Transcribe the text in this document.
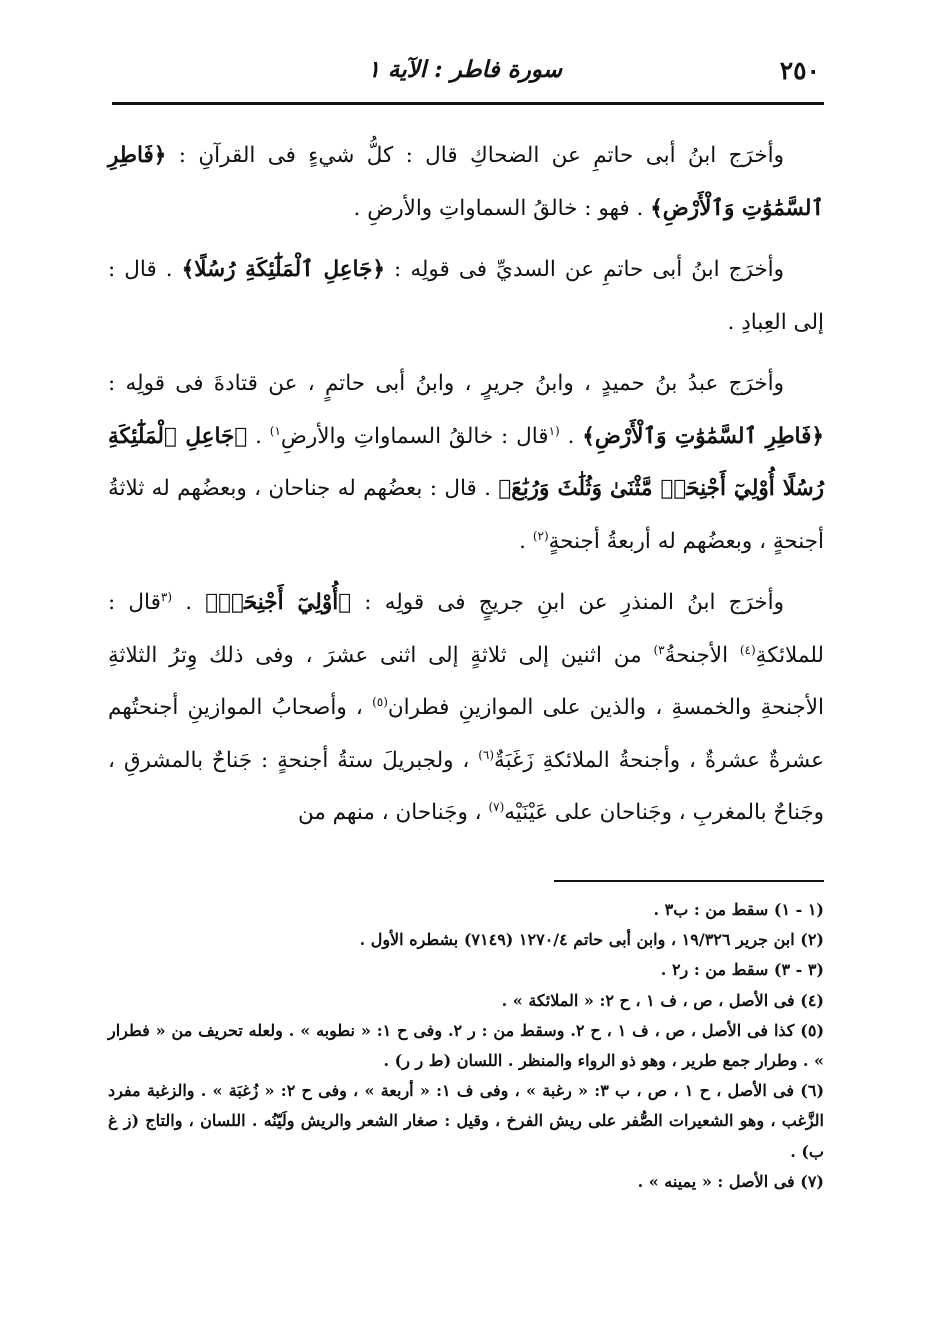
٢٥٠
سورة فاطر : الآية ١

وأخرَج ابنُ أبى حاتمِ عن الضحاكِ قال : كلُّ شيءٍ فى القرآنِ : ﴿فَاطِرِ ٱلسَّمَٰوَٰتِ وَٱلْأَرْضِ﴾ . فهو : خالقُ السماواتِ والأرضِ .

وأخرَج ابنُ أبى حاتمِ عن السديِّ فى قولِه : ﴿جَاعِلِ ٱلْمَلَٰٓئِكَةِ رُسُلًا﴾ . قال : إلى العِبادِ .

وأخرَج عبدُ بنُ حميدٍ ، وابنُ جريرٍ ، وابنُ أبى حاتمٍ ، عن قتادةَ فى قولِه : ﴿فَاطِرِ ٱلسَّمَٰوَٰتِ وَٱلْأَرْضِ﴾ . $^{(١}$قال : خالقُ السماواتِ والأرضِ$^{١)}$ . ﴿جَاعِلِ ٱلْمَلَٰٓئِكَةِ رُسُلًا أُوْلِيٓ أَجْنِحَةٖ مَّثْنَىٰ وَثُلَٰثَ وَرُبَٰعَ﴾ . قال : بعضُهم له جناحان ، وبعضُهم له ثلاثةُ أجنحةٍ ، وبعضُهم له أربعةُ أجنحةٍ$^{(٢)}$ .

وأخرَج ابنُ المنذرِ عن ابنِ جريجٍ فى قولِه : ﴿أُوْلِيٓ أَجْنِحَةٖ﴾ . $^{(٣}$قال : للملائكةِ$^{(٤)}$ الأجنحةُ$^{٣)}$ من اثنين إلى ثلاثةٍ إلى اثنى عشرَ ، وفى ذلك وِترُ الثلاثةِ الأجنحةِ والخمسةِ ، والذين على الموازينِ فطران$^{(٥)}$ ، وأصحابُ الموازينِ أجنحتُهم عشرةٌ عشرةٌ ، وأجنحةُ الملائكةِ زَغَبَةٌ$^{(٦)}$ ، ولجبريلَ ستةُ أجنحةٍ : جَناحٌ بالمشرقِ ، وجَناحٌ بالمغربِ ، وجَناحان على عَيْنَيْه$^{(٧)}$ ، وجَناحان ، منهم من

(١ - ١) سقط من : ب٣ .

(٢) ابن جرير ١٩/٣٢٦ ، وابن أبى حاتم ١٢٧٠/٤ (٧١٤٩) بشطره الأول .

(٣ - ٣) سقط من : ر٢ .

(٤) فى الأصل ، ص ، ف ١ ، ح ٢: « الملائكة » .

(٥) كذا فى الأصل ، ص ، ف ١ ، ح ٢. وسقط من : ر ٢. وفى ح ١: « نطوبه » . ولعله تحريف من « فطرار » . وطرار جمع طرير ، وهو ذو الرواء والمنظر . اللسان (ط ر ر) .

(٦) فى الأصل ، ح ١ ، ص ، ب ٣: « رغبة » ، وفى ف ١: « أربعة » ، وفى ح ٢: « زُغبَة » . والزغبة مفرد الزَّغب ، وهو الشعيرات الصُّفر على ريش الفرخ ، وقيل : صغار الشعر والريش ولَيّنُه . اللسان ، والتاج (ز غ ب) .

(٧) فى الأصل : « يمينه » .
